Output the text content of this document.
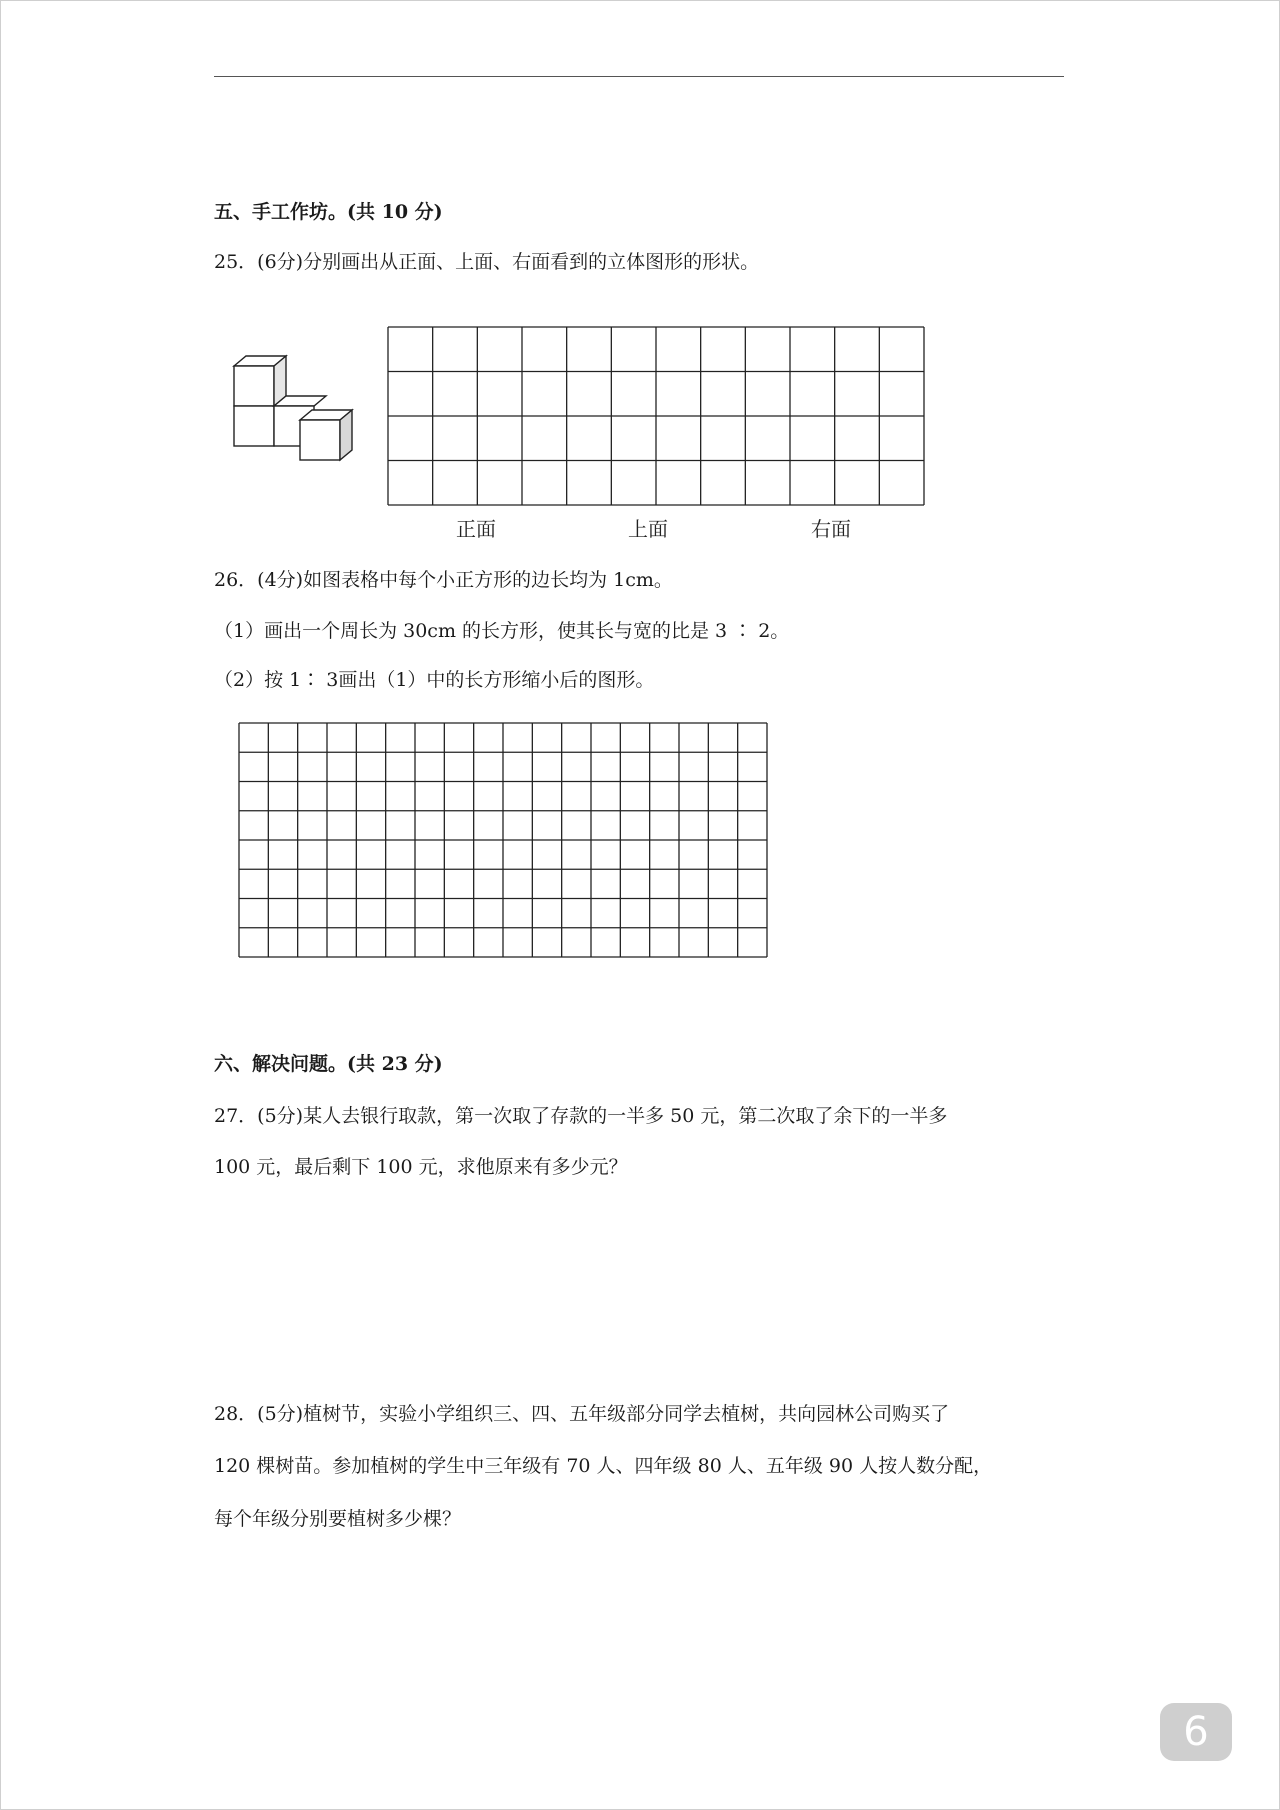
五、手工作坊。(共 10 分)
25．(6分)分别画出从正面、上面、右面看到的立体图形的形状。
正面	上面	右面
26．(4分)如图表格中每个小正方形的边长均为 1cm。
（1）画出一个周长为 30cm 的长方形，使其长与宽的比是 3 ∶ 2。
（2）按 1∶ 3画出（1）中的长方形缩小后的图形。
六、解决问题。(共 23 分)
27．(5分)某人去银行取款，第一次取了存款的一半多 50 元，第二次取了余下的一半多
100 元，最后剩下 100 元，求他原来有多少元？
28．(5分)植树节，实验小学组织三、四、五年级部分同学去植树，共向园林公司购买了
120 棵树苗。参加植树的学生中三年级有 70 人、四年级 80 人、五年级 90 人按人数分配，
每个年级分别要植树多少棵？
6
